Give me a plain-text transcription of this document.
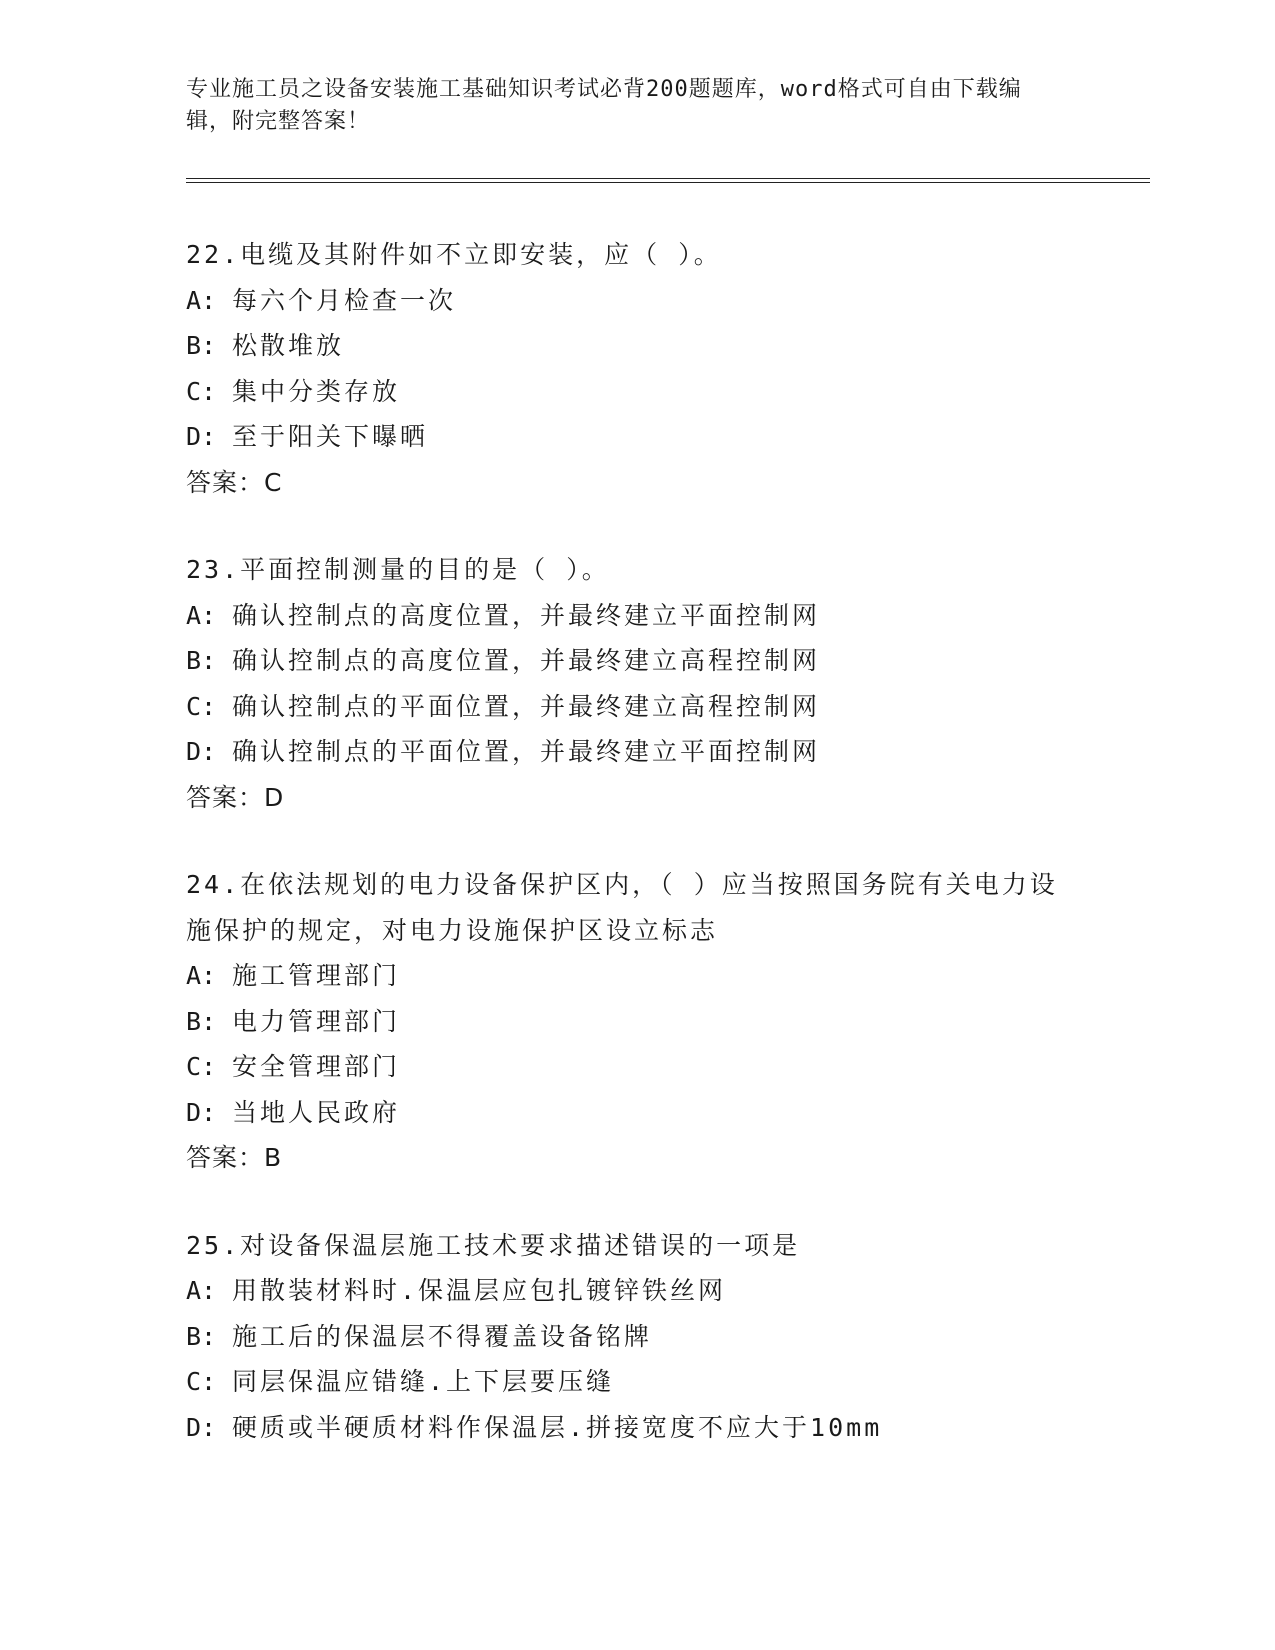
专业施工员之设备安装施工基础知识考试必背200题题库，word格式可自由下载编辑，附完整答案！
22.电缆及其附件如不立即安装，应（ ）。
A: 每六个月检查一次
B: 松散堆放
C: 集中分类存放
D: 至于阳关下曝晒
答案：C
23.平面控制测量的目的是（ ）。
A: 确认控制点的高度位置，并最终建立平面控制网
B: 确认控制点的高度位置，并最终建立高程控制网
C: 确认控制点的平面位置，并最终建立高程控制网
D: 确认控制点的平面位置，并最终建立平面控制网
答案：D
24.在依法规划的电力设备保护区内，（ ）应当按照国务院有关电力设施保护的规定，对电力设施保护区设立标志
A: 施工管理部门
B: 电力管理部门
C: 安全管理部门
D: 当地人民政府
答案：B
25.对设备保温层施工技术要求描述错误的一项是
A: 用散装材料时.保温层应包扎镀锌铁丝网
B: 施工后的保温层不得覆盖设备铭牌
C: 同层保温应错缝.上下层要压缝
D: 硬质或半硬质材料作保温层.拼接宽度不应大于10mm
